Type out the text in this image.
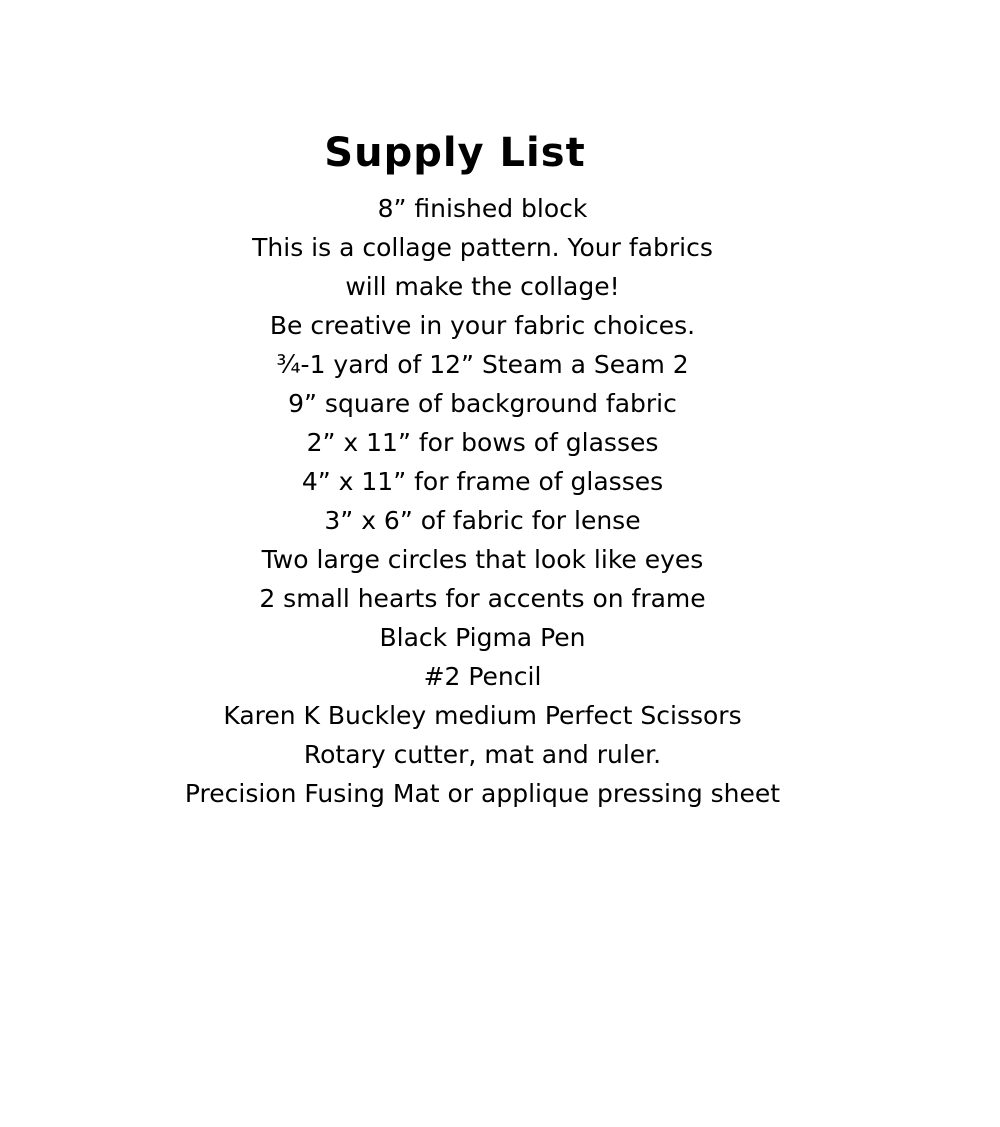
Supply List
8” finished block
This is a collage pattern. Your fabrics
will make the collage!
Be creative in your fabric choices.
¾-1 yard of 12” Steam a Seam 2
9” square of background fabric
2” x 11” for bows of glasses
4” x 11” for frame of glasses
3” x 6” of fabric for lense
Two large circles that look like eyes
2 small hearts for accents on frame
Black Pigma Pen
#2 Pencil
Karen K Buckley medium Perfect Scissors
Rotary cutter, mat and ruler.
Precision Fusing Mat or applique pressing sheet
